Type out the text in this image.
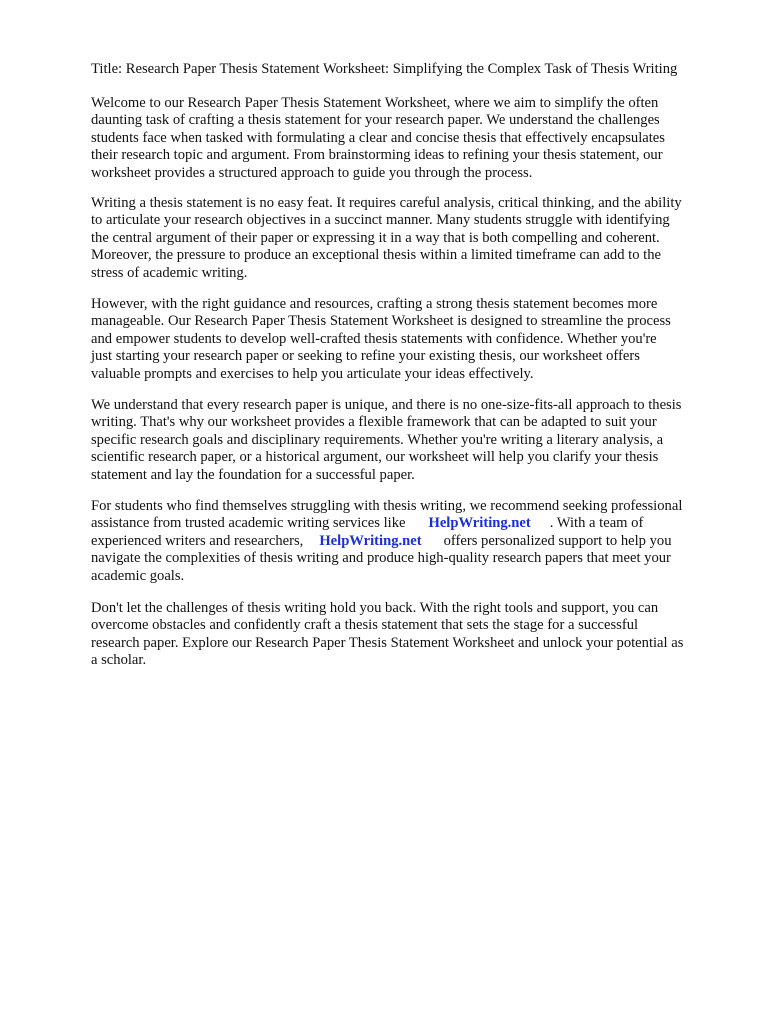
Title: Research Paper Thesis Statement Worksheet: Simplifying the Complex Task of Thesis Writing
Welcome to our Research Paper Thesis Statement Worksheet, where we aim to simplify the often
daunting task of crafting a thesis statement for your research paper. We understand the challenges
students face when tasked with formulating a clear and concise thesis that effectively encapsulates
their research topic and argument. From brainstorming ideas to refining your thesis statement, our
worksheet provides a structured approach to guide you through the process.
Writing a thesis statement is no easy feat. It requires careful analysis, critical thinking, and the ability
to articulate your research objectives in a succinct manner. Many students struggle with identifying
the central argument of their paper or expressing it in a way that is both compelling and coherent.
Moreover, the pressure to produce an exceptional thesis within a limited timeframe can add to the
stress of academic writing.
However, with the right guidance and resources, crafting a strong thesis statement becomes more
manageable. Our Research Paper Thesis Statement Worksheet is designed to streamline the process
and empower students to develop well-crafted thesis statements with confidence. Whether you're
just starting your research paper or seeking to refine your existing thesis, our worksheet offers
valuable prompts and exercises to help you articulate your ideas effectively.
We understand that every research paper is unique, and there is no one-size-fits-all approach to thesis
writing. That's why our worksheet provides a flexible framework that can be adapted to suit your
specific research goals and disciplinary requirements. Whether you're writing a literary analysis, a
scientific research paper, or a historical argument, our worksheet will help you clarify your thesis
statement and lay the foundation for a successful paper.
For students who find themselves struggling with thesis writing, we recommend seeking professional
assistance from trusted academic writing services like HelpWriting.net . With a team of
experienced writers and researchers, HelpWriting.net offers personalized support to help you
navigate the complexities of thesis writing and produce high-quality research papers that meet your
academic goals.
Don't let the challenges of thesis writing hold you back. With the right tools and support, you can
overcome obstacles and confidently craft a thesis statement that sets the stage for a successful
research paper. Explore our Research Paper Thesis Statement Worksheet and unlock your potential as
a scholar.
